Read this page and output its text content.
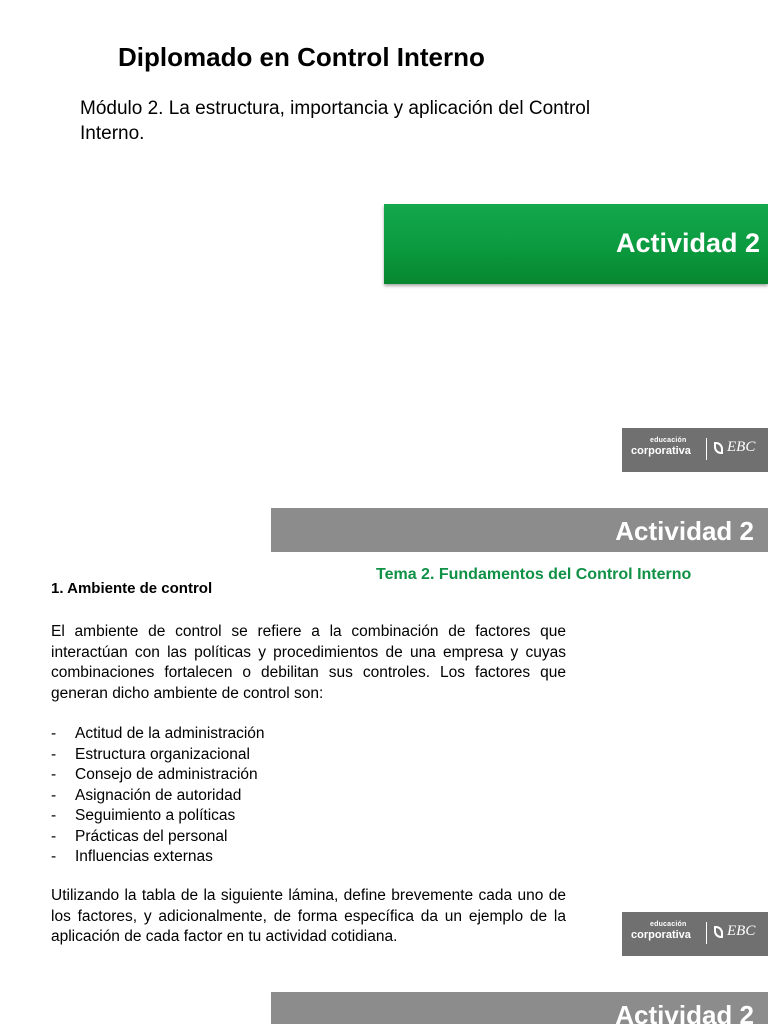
Diplomado en Control Interno

Módulo 2. La estructura, importancia y aplicación del Control Interno.

Actividad 2
educación
corporativa EBC
Actividad 2
Tema 2. Fundamentos del Control Interno
1. Ambiente de control

El ambiente de control se refiere a la combinación de factores que interactúan con las políticas y procedimientos de una empresa y cuyas combinaciones fortalecen o debilitan sus controles. Los factores que generan dicho ambiente de control son:

- Actitud de la administración
- Estructura organizacional
- Consejo de administración
- Asignación de autoridad
- Seguimiento a políticas
- Prácticas del personal
- Influencias externas

Utilizando la tabla de la siguiente lámina, define brevemente cada uno de los factores, y adicionalmente, de forma específica da un ejemplo de la aplicación de cada factor en tu actividad cotidiana.

educación
corporativa EBC
Actividad 2
